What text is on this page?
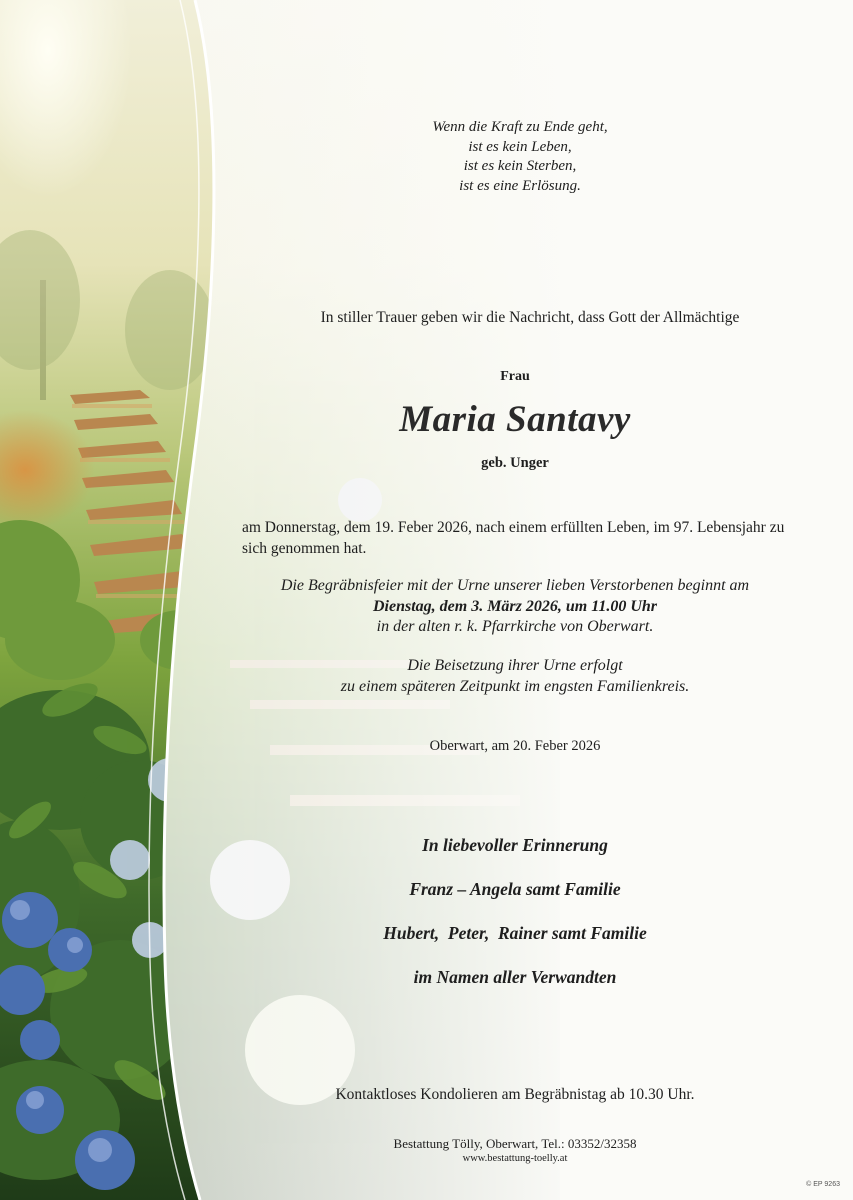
Wenn die Kraft zu Ende geht,
ist es kein Leben,
ist es kein Sterben,
ist es eine Erlösung.

In stiller Trauer geben wir die Nachricht, dass Gott der Allmächtige

Frau

Maria Santavy

geb. Unger

am Donnerstag, dem 19. Feber 2026, nach einem erfüllten Leben, im 97. Lebensjahr zu sich genommen hat.

Die Begräbnisfeier mit der Urne unserer lieben Verstorbenen beginnt am
Dienstag, dem 3. März 2026, um 11.00 Uhr
in der alten r. k. Pfarrkirche von Oberwart.
Die Beisetzung ihrer Urne erfolgt
zu einem späteren Zeitpunkt im engsten Familienkreis.

Oberwart, am 20. Feber 2026

In liebevoller Erinnerung

Franz – Angela samt Familie

Hubert,  Peter,  Rainer samt Familie

im Namen aller Verwandten

Kontaktloses Kondolieren am Begräbnistag ab 10.30 Uhr.

Bestattung Tölly, Oberwart, Tel.: 03352/32358

www.bestattung-toelly.at

© EP 9263
